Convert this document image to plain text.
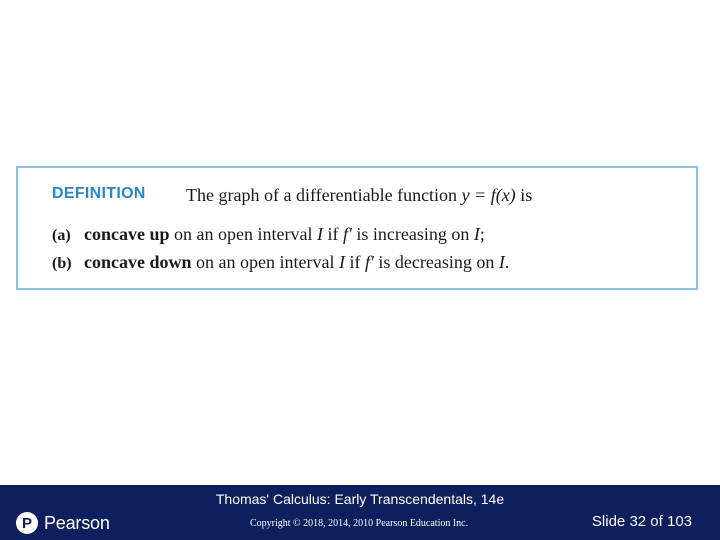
DEFINITION The graph of a differentiable function y = f(x) is
(a) concave up on an open interval I if f′ is increasing on I;
(b) concave down on an open interval I if f′ is decreasing on I.
Thomas' Calculus: Early Transcendentals, 14e
P Pearson	Copyright © 2018, 2014, 2010 Pearson Education Inc.	Slide 32 of 103
